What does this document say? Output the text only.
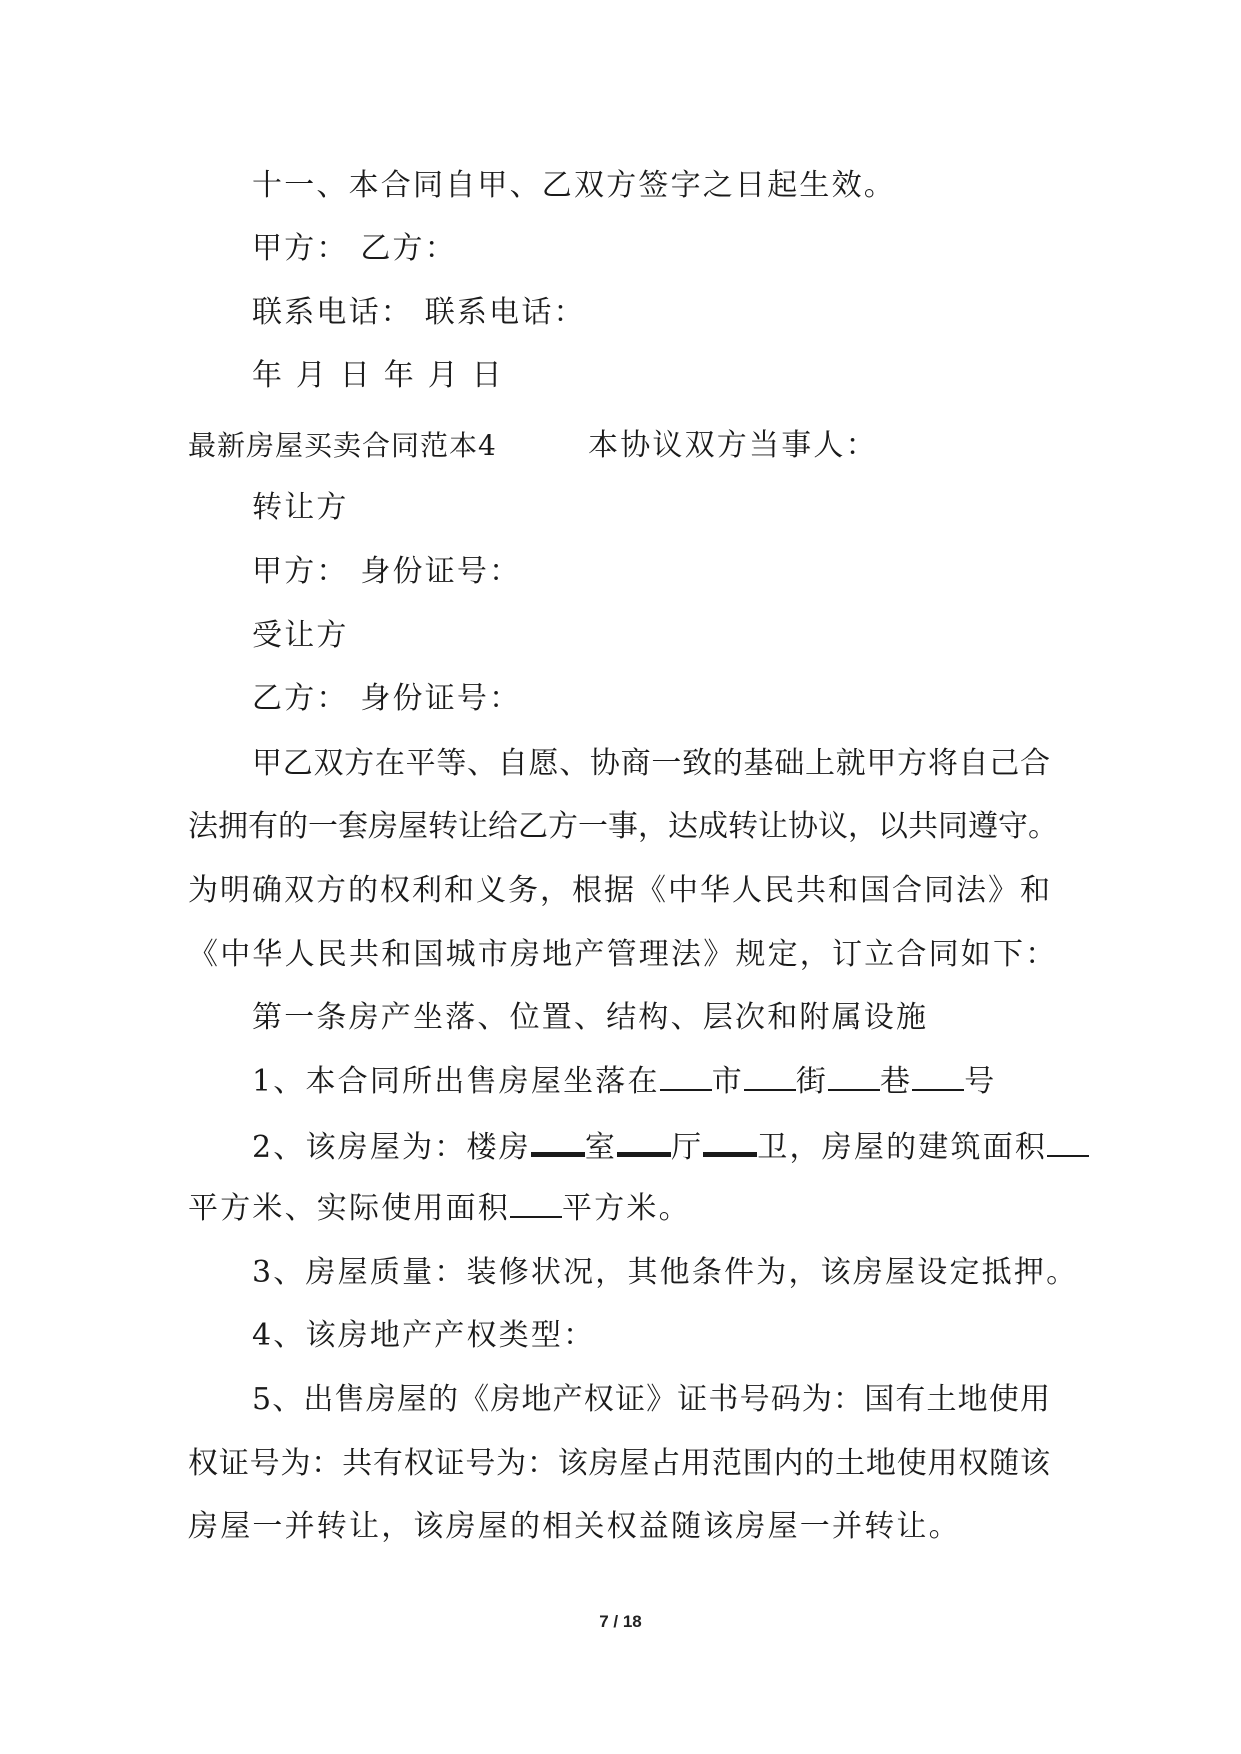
十一、本合同自甲、乙双方签字之日起生效。
甲方： 乙方：
联系电话： 联系电话：
年 月 日 年 月 日
最新房屋买卖合同范本4	本协议双方当事人：
转让方
甲方： 身份证号：
受让方
乙方： 身份证号：
甲乙双方在平等、自愿、协商一致的基础上就甲方将自己合
法拥有的一套房屋转让给乙方一事，达成转让协议，以共同遵守。
为明确双方的权利和义务，根据《中华人民共和国合同法》和
《中华人民共和国城市房地产管理法》规定，订立合同如下：
第一条房产坐落、位置、结构、层次和附属设施
1、本合同所出售房屋坐落在 市 街 巷 号
2、该房屋为：楼房 室 厅 卫，房屋的建筑面积
平方米、实际使用面积 平方米。
3、房屋质量：装修状况，其他条件为，该房屋设定抵押。
4、该房地产产权类型：
5、出售房屋的《房地产权证》证书号码为：国有土地使用
权证号为：共有权证号为：该房屋占用范围内的土地使用权随该
房屋一并转让，该房屋的相关权益随该房屋一并转让。
7 / 18
